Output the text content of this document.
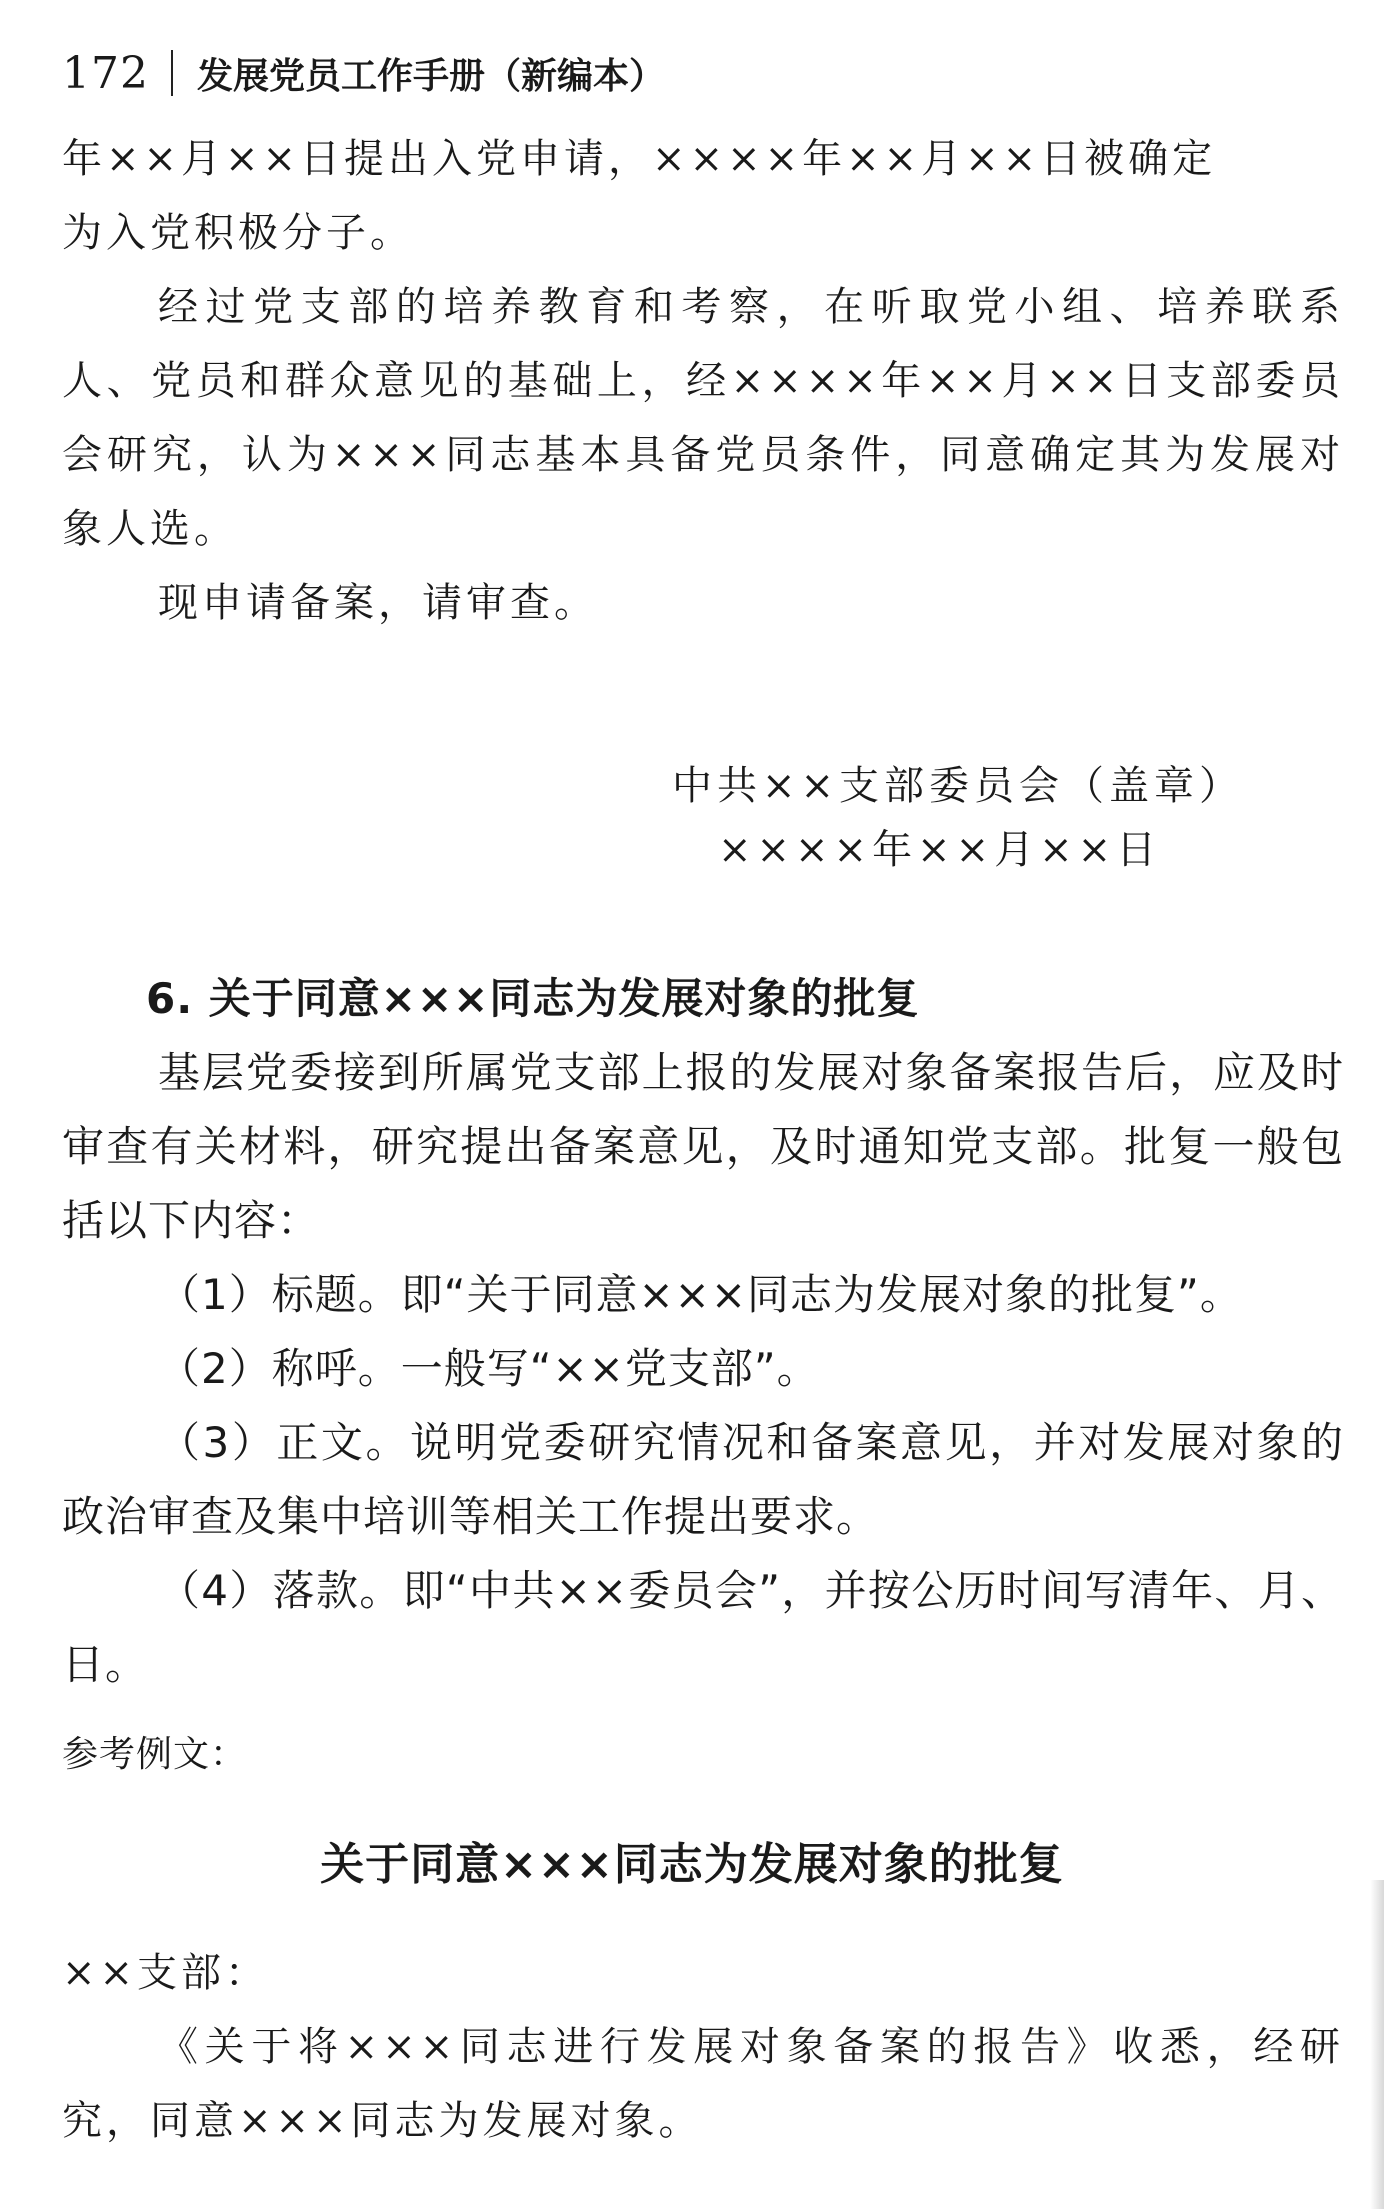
172 发展党员工作手册（新编本）

年××月××日提出入党申请，××××年××月××日被确定

为入党积极分子。

经过党支部的培养教育和考察，在听取党小组、培养联系人、党员和群众意见的基础上，经××××年××月××日支部委员会研究，认为×××同志基本具备党员条件，同意确定其为发展对象人选。

现申请备案，请审查。

中共××支部委员会（盖章）
××××年××月××日
6. 关于同意×××同志为发展对象的批复

基层党委接到所属党支部上报的发展对象备案报告后，应及时审查有关材料，研究提出备案意见，及时通知党支部。批复一般包括以下内容：

（1）标题。即“关于同意×××同志为发展对象的批复”。

（2）称呼。一般写“××党支部”。

（3）正文。说明党委研究情况和备案意见，并对发展对象的政治审查及集中培训等相关工作提出要求。

（4）落款。即“中共××委员会”，并按公历时间写清年、月、日。

参考例文：
关于同意×××同志为发展对象的批复

××支部：

《关于将×××同志进行发展对象备案的报告》收悉，经研究，同意×××同志为发展对象。
